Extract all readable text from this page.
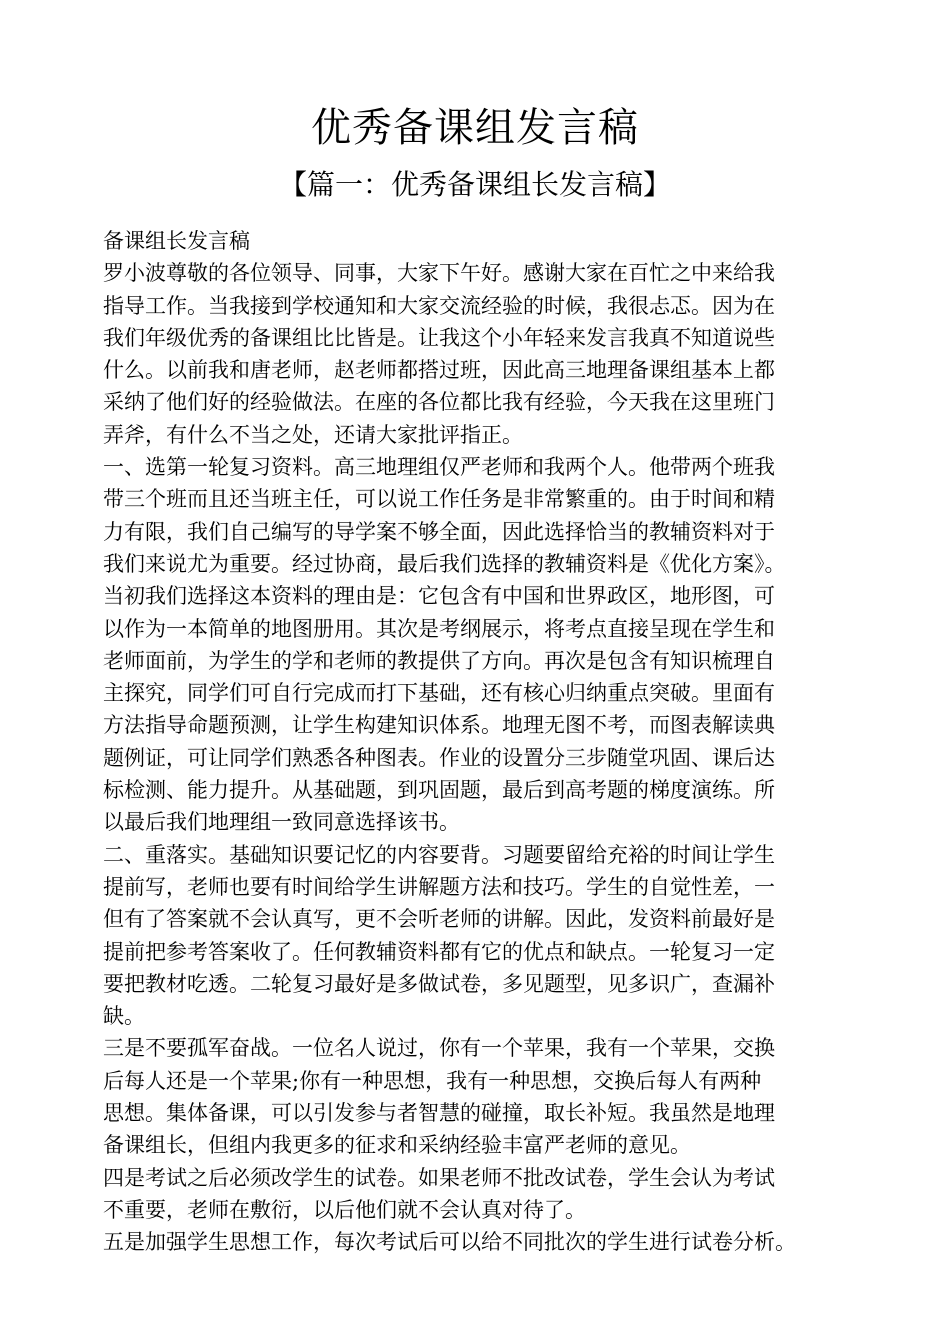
优秀备课组发言稿
【篇一：优秀备课组长发言稿】
备课组长发言稿
罗小波尊敬的各位领导、同事，大家下午好。感谢大家在百忙之中来给我
指导工作。当我接到学校通知和大家交流经验的时候，我很忐忑。因为在
我们年级优秀的备课组比比皆是。让我这个小年轻来发言我真不知道说些
什么。以前我和唐老师，赵老师都搭过班，因此高三地理备课组基本上都
采纳了他们好的经验做法。在座的各位都比我有经验，今天我在这里班门
弄斧，有什么不当之处，还请大家批评指正。
一、选第一轮复习资料。高三地理组仅严老师和我两个人。他带两个班我
带三个班而且还当班主任，可以说工作任务是非常繁重的。由于时间和精
力有限，我们自己编写的导学案不够全面，因此选择恰当的教辅资料对于
我们来说尤为重要。经过协商，最后我们选择的教辅资料是《优化方案》。
当初我们选择这本资料的理由是：它包含有中国和世界政区，地形图，可
以作为一本简单的地图册用。其次是考纲展示，将考点直接呈现在学生和
老师面前，为学生的学和老师的教提供了方向。再次是包含有知识梳理自
主探究，同学们可自行完成而打下基础，还有核心归纳重点突破。里面有
方法指导命题预测，让学生构建知识体系。地理无图不考，而图表解读典
题例证，可让同学们熟悉各种图表。作业的设置分三步随堂巩固、课后达
标检测、能力提升。从基础题，到巩固题，最后到高考题的梯度演练。所
以最后我们地理组一致同意选择该书。
二、重落实。基础知识要记忆的内容要背。习题要留给充裕的时间让学生
提前写，老师也要有时间给学生讲解题方法和技巧。学生的自觉性差，一
但有了答案就不会认真写，更不会听老师的讲解。因此，发资料前最好是
提前把参考答案收了。任何教辅资料都有它的优点和缺点。一轮复习一定
要把教材吃透。二轮复习最好是多做试卷，多见题型，见多识广，查漏补
缺。
三是不要孤军奋战。一位名人说过，你有一个苹果，我有一个苹果，交换
后每人还是一个苹果;你有一种思想，我有一种思想，交换后每人有两种
思想。集体备课，可以引发参与者智慧的碰撞，取长补短。我虽然是地理
备课组长，但组内我更多的征求和采纳经验丰富严老师的意见。
四是考试之后必须改学生的试卷。如果老师不批改试卷，学生会认为考试
不重要，老师在敷衍，以后他们就不会认真对待了。
五是加强学生思想工作，每次考试后可以给不同批次的学生进行试卷分析。
